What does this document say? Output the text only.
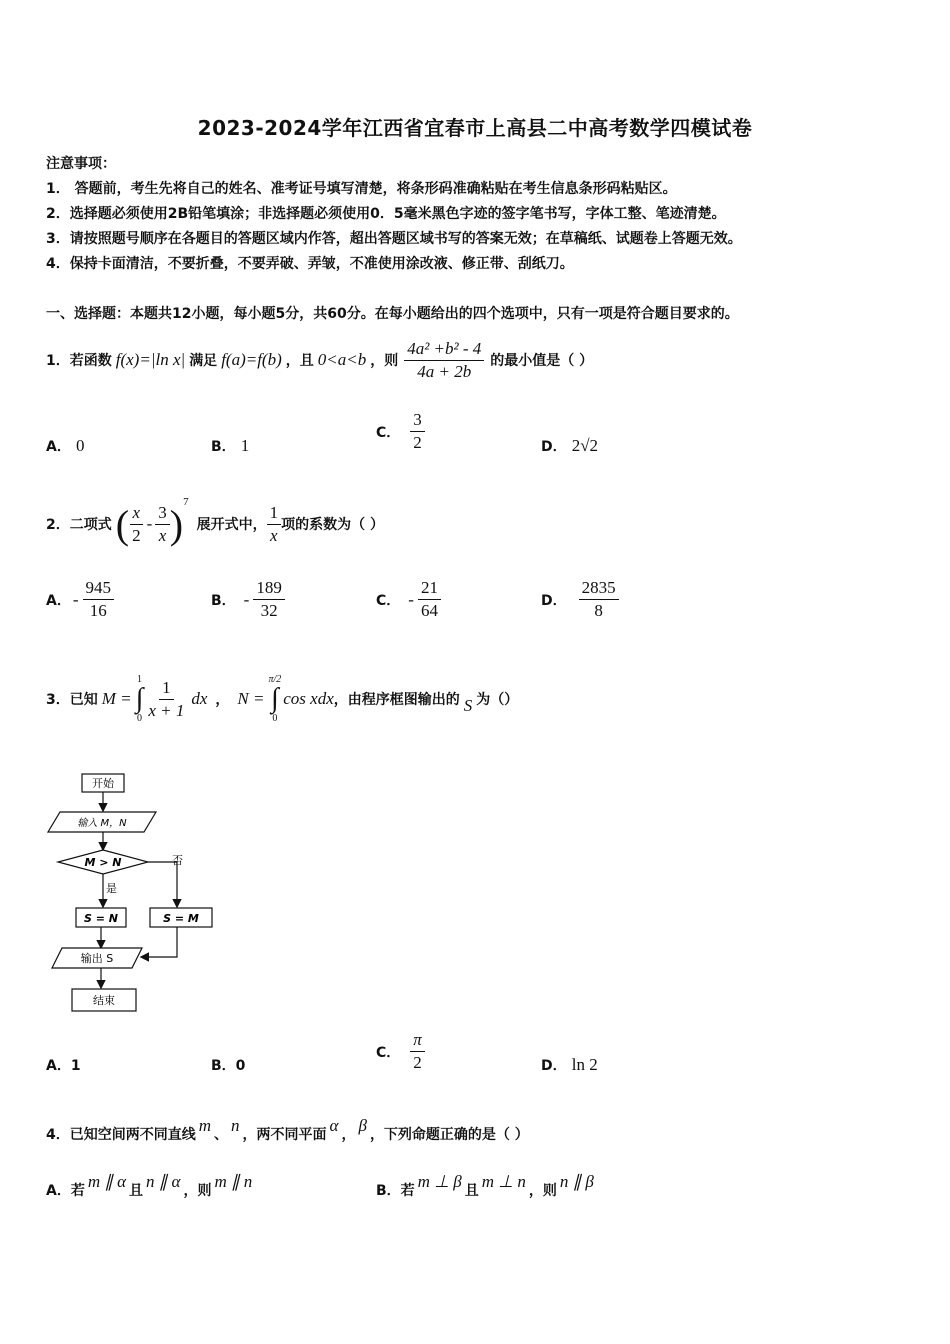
2023-2024学年江西省宜春市上高县二中高考数学四模试卷
注意事项：
1． 答题前，考生先将自己的姓名、准考证号填写清楚，将条形码准确粘贴在考生信息条形码粘贴区。
2．选择题必须使用2B铅笔填涂；非选择题必须使用0．5毫米黑色字迹的签字笔书写，字体工整、笔迹清楚。
3．请按照题号顺序在各题目的答题区域内作答，超出答题区域书写的答案无效；在草稿纸、试题卷上答题无效。
4．保持卡面清洁，不要折叠，不要弄破、弄皱，不准使用涂改液、修正带、刮纸刀。
一、选择题：本题共12小题，每小题5分，共60分。在每小题给出的四个选项中，只有一项是符合题目要求的。
1．若函数 f(x)=|ln x| 满足 f(a)=f(b) ，且 0<a<b ，则 $\frac{\text{4a² +b² - 4}}{4a + 2b}$ 的最小值是（ ）
A． 0	B． 1
C． $\frac{3}{2}$	D． 2√2
2．二项式 ( $\frac{x}{2} - \frac{3}{x}$ ) 7
展开式中， $\frac{1}{x}$ 项的系数为（ ）
A． - $\frac{945}{16}$	B． - $\frac{189}{32}$	C． - $\frac{21}{64}$	D． $\frac{2835}{8}$
3．已知 M =
1
∫
$0 \frac{1}{x + 1}$ dx ， N =
π/2
∫
0
cos xdx ，由程序框图输出的 S 为（）
开始
输入 M，N
M > N	否
是
S = N	S = M
输出 S
结束
A．1	B．0
C． $\frac{\pi}{2}$	D． ln 2
4．已知空间两不同直线 m 、 n ，两不同平面 α ， β ，下列命题正确的是（ ）
A．若 m ∥ α 且 n ∥ α ，则 m ∥ n	B．若 m ⊥ β 且 m ⊥ n ，则 n ∥ β
